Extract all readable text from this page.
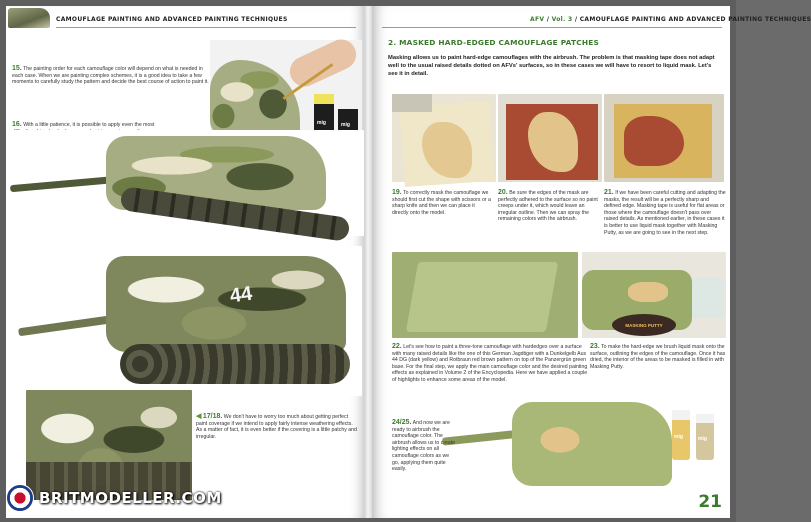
CAMOUFLAGE PAINTING AND ADVANCED PAINTING TECHNIQUES
mig	mig
15. The painting order for each camouflage color will depend on what is needed in each case. When we are painting complex schemes, it is a good idea to take a few moments to carefully study the pattern and decide the best course of action to paint it.
16. With a little patience, it is possible to apply even the most
44
◀ 17/18. We don't have to worry too much about getting perfect paint coverage if we intend to apply fairly intense weathering effects. As a matter of fact, it is even better if the covering is a little patchy and irregular.
AFV / Vol. 3 / CAMOUFLAGE PAINTING AND ADVANCED PAINTING TECHNIQUES
2. MASKED HARD-EDGED CAMOUFLAGE PATCHES
Masking allows us to paint hard-edge camouflages with the airbrush. The problem is that masking tape does not adapt well to the usual raised details dotted on AFVs' surfaces, so in these cases we will have to resort to liquid mask. Let's see it in detail.
19. To correctly mask the camouflage we should first cut the shape with scissors or a sharp knife and then we can place it directly onto the model.
20. Be sure the edges of the mask are perfectly adhered to the surface so no paint creeps under it, which would leave an irregular outline. Then we can spray the remaining colors with the airbrush.
21. If we have been careful cutting and adapting the masks, the result will be a perfectly sharp and defined edge. Masking tape is useful for flat areas or those where the camouflage doesn't pass over raised details. As mentioned earlier, in these cases it is better to use liquid mask together with Masking Putty, as we are going to see in the next step.
MASKING PUTTY
22. Let's see how to paint a three-tone camouflage with hardedges over a surface with many raised details like the one of this German Jagdtiger with a Dunkelgelb Aus 44 DG (dark yellow) and Rotbraun red brown pattern on top of the Panzergrün green base. For the final step, we apply the main camouflage color and the desired painting effects as explained in Volume 2 of the Encyclopedia. Here we have applied a couple of highlights to enhance some areas of the model.
23. To make the hard-edge we brush liquid mask onto the surface, outlining the edges of the camouflage. Once it has dried, the interior of the areas to be masked is filled in with Masking Putty.
mig	mig
24/25. And now we are ready to airbrush the camouflage color. The airbrush allows us to create lighting effects on all camouflage colors as we go, applying them quite easily.
21
BRITMODELLER.COM
